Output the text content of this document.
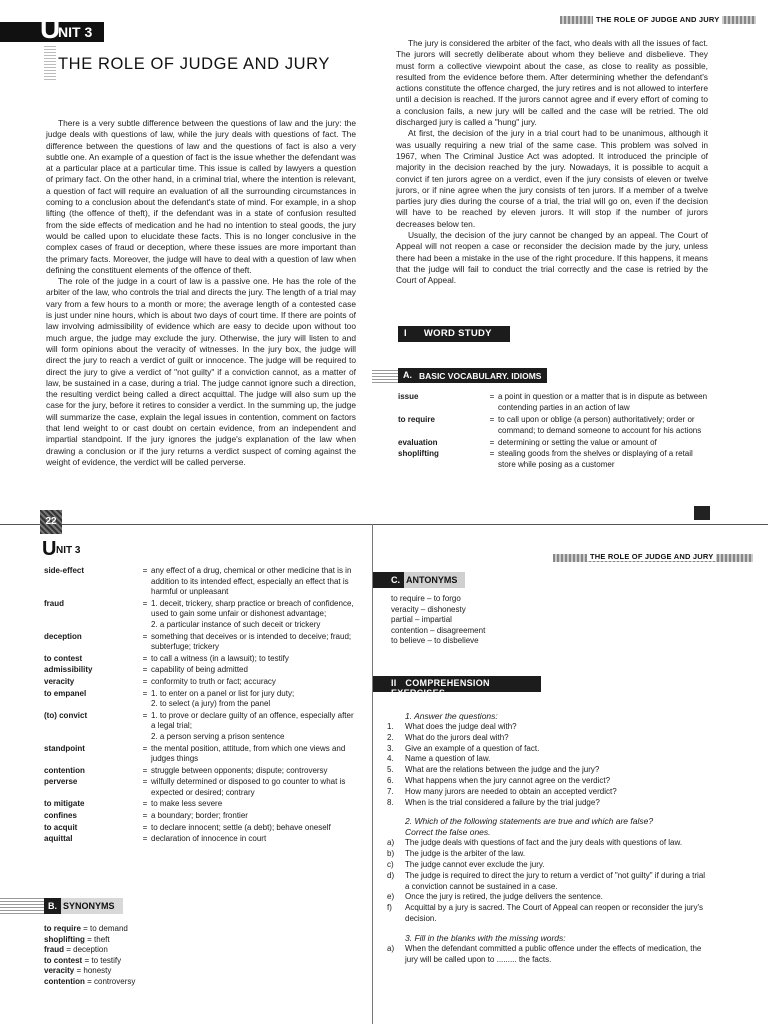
U
NIT 3
THE ROLE OF JUDGE AND JURY

There is a very subtle difference between the questions of law and the jury: the judge deals with questions of law, while the jury deals with questions of fact. The difference between the questions of law and the questions of fact is also a very subtle one. An example of a question of fact is the issue whether the defendant was at a particular place at a particular time. This issue is called by lawyers a question of primary fact. On the other hand, in a criminal trial, where the intention is relevant, a question of fact will require an evaluation of all the surrounding circumstances in coming to a conclusion about the defendant's state of mind. For example, in a shop lifting (the offence of theft), if the defendant was in a state of confusion resulted from the side effects of medication and he had no intention to steal goods, the jury would be called upon to elucidate these facts. This is no longer conclusive in the complex cases of fraud or deception, where these issues are more important than the primary facts. Moreover, the judge will have to deal with a question of law when defining the constituent elements of the offence of theft.

The role of the judge in a court of law is a passive one. He has the role of the arbiter of the law, who controls the trial and directs the jury. The length of a trial may vary from a few hours to a month or more; the average length of a contested case is just under nine hours, which is about two days of court time. If there are points of law involving admissibility of evidence which are easy to decide upon without too much argue, the judge may exclude the jury. Otherwise, the jury will listen to and will form opinions about the veracity of witnesses. In the jury box, the judge will direct the jury to reach a verdict of guilt or innocence. The judge will be required to direct the jury to give a verdict of "not guilty" if a conviction cannot, as a matter of law, be sustained in a case, during a trial. The judge cannot ignore such a direction, the resulting verdict being called a direct acquittal. The judge will also sum up the case for the jury, before it retires to consider a verdict. In the summing up, the judge will summarize the case, explain the legal issues in contention, comment on factors that lend weight to or cast doubt on certain evidence, from an independent and impartial standpoint. If the jury ignores the judge's explanation of the law when drawing a conclusion or if the jury returns a verdict suspect of coming against the weight of evidence, the verdict will be called perverse.

THE ROLE OF JUDGE AND JURY

The jury is considered the arbiter of the fact, who deals with all the issues of fact. The jurors will secretly deliberate about whom they believe and disbelieve. They must form a collective viewpoint about the case, as close to reality as possible, resulted from the evidence before them. After determining whether the defendant's actions constitute the offence charged, the jury retires and is not allowed to interfere until a decision is reached. If the jurors cannot agree and if every effort of coming to a conclusion fails, a new jury will be called and the case will be retried. The old discharged jury is called a "hung" jury.

At first, the decision of the jury in a trial court had to be unanimous, although it was usually requiring a new trial of the same case. This problem was solved in 1967, when The Criminal Justice Act was adopted. It introduced the principle of majority in the decision reached by the jury. Nowadays, it is possible to acquit a convict if ten jurors agree on a verdict, even if the jury consists of eleven or twelve jurors, or if nine agree when the jury consists of ten jurors. If a member of a twelve parties jury dies during the course of a trial, the trial will go on, even if the decision will have to be reached by eleven jurors. It will stop if the number of jurors decreases below ten.

Usually, the decision of the jury cannot be changed by an appeal. The Court of Appeal will not reopen a case or reconsider the decision made by the jury, unless there had been a mistake in the use of the right procedure. If this happens, it means that the judge will fail to conduct the trial correctly and the case is retried by the Court of Appeal.

I WORD STUDY
A. BASIC VOCABULARY. IDIOMS
issue	= a point in question or a matter that is in dispute as between contending parties in an action of law
to require	= to call upon or oblige (a person) authoritatively; order or command; to demand someone to account for his actions
evaluation	= determining or setting the value or amount of
shoplifting	= stealing goods from the shelves or displaying of a retail store while posing as a customer
22
U NIT 3
side-effect	= any effect of a drug, chemical or other medicine that is in addition to its intended effect, especially an effect that is harmful or unpleasant
fraud	= 1. deceit, trickery, sharp practice or breach of confidence, used to gain some unfair or dishonest advantage;
2. a particular instance of such deceit or trickery
deception	= something that deceives or is intended to deceive; fraud; subterfuge; trickery
to contest	= to call a witness (in a lawsuit); to testify
admissibility	= capability of being admitted
veracity	= conformity to truth or fact; accuracy
to empanel	= 1. to enter on a panel or list for jury duty;
2. to select (a jury) from the panel
(to) convict	= 1. to prove or declare guilty of an offence, especially after a legal trial;
2. a person serving a prison sentence
standpoint	= the mental position, attitude, from which one views and judges things
contention	= struggle between opponents; dispute; controversy
perverse	= wilfully determined or disposed to go counter to what is expected or desired; contrary
to mitigate	= to make less severe
confines	= a boundary; border; frontier
to acquit	= to declare innocent; settle (a debt); behave oneself
aquittal	= declaration of innocence in court
B. SYNONYMS
to require = to demand
shoplifting = theft
fraud = deception
to contest = to testify
veracity = honesty
contention = controversy
THE ROLE OF JUDGE AND JURY
C. ANTONYMS
to require – to forgo
veracity – dishonesty
partial – impartial
contention – disagreement
to believe – to disbelieve
II COMPREHENSION EXERCISES
1. Answer the questions:
1.	What does the judge deal with?
2.	What do the jurors deal with?
3.	Give an example of a question of fact.
4.	Name a question of law.
5.	What are the relations between the judge and the jury?
6.	What happens when the jury cannot agree on the verdict?
7.	How many jurors are needed to obtain an accepted verdict?
8.	When is the trial considered a failure by the trial judge?
2. Which of the following statements are true and which are false?
Correct the false ones.
a)	The judge deals with questions of fact and the jury deals with questions of law.
b)	The judge is the arbiter of the law.
c)	The judge cannot ever exclude the jury.
d)	The judge is required to direct the jury to return a verdict of "not guilty" if during a trial a conviction cannot be sustained in a case.
e)	Once the jury is retired, the judge delivers the sentence.
f)	Acquittal by a jury is sacred. The Court of Appeal can reopen or reconsider the jury's decision.
3. Fill in the blanks with the missing words:
a)	When the defendant committed a public offence under the effects of medication, the jury will be called upon to ......... the facts.
